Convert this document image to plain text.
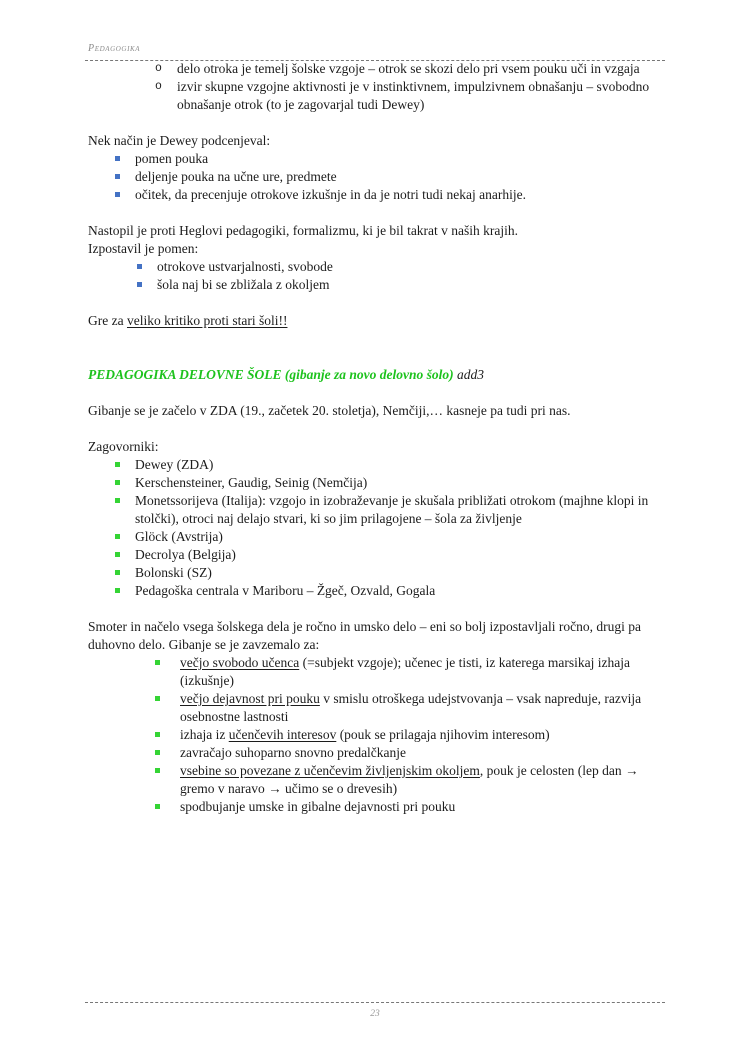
Pedagogika
o	delo otroka je temelj šolske vzgoje – otrok se skozi delo pri vsem pouku uči in vzgaja
o	izvir skupne vzgojne aktivnosti je v instinktivnem, impulzivnem obnašanju – svobodno obnašanje otrok (to je zagovarjal tudi Dewey)

Nek način je Dewey podcenjeval:

pomen pouka
deljenje pouka na učne ure, predmete
očitek, da precenjuje otrokove izkušnje in da je notri tudi nekaj anarhije.

Nastopil je proti Heglovi pedagogiki, formalizmu, ki je bil takrat v naših krajih.

Izpostavil je pomen:

otrokove ustvarjalnosti, svobode
šola naj bi se zbližala z okoljem

Gre za veliko kritiko proti stari šoli!!

PEDAGOGIKA DELOVNE ŠOLE (gibanje za novo delovno šolo) add3

Gibanje se je začelo v ZDA (19., začetek 20. stoletja), Nemčiji,… kasneje pa tudi pri nas.

Zagovorniki:

Dewey (ZDA)
Kerschensteiner, Gaudig, Seinig (Nemčija)
Monetssorijeva (Italija): vzgojo in izobraževanje je skušala približati otrokom (majhne klopi in stolčki), otroci naj delajo stvari, ki so jim prilagojene – šola za življenje
Glöck (Avstrija)
Decrolya (Belgija)
Bolonski (SZ)
Pedagoška centrala v Mariboru – Žgeč, Ozvald, Gogala

Smoter in načelo vsega šolskega dela je ročno in umsko delo – eni so bolj izpostavljali ročno, drugi pa duhovno delo. Gibanje se je zavzemalo za:

večjo svobodo učenca (=subjekt vzgoje); učenec je tisti, iz katerega marsikaj izhaja (izkušnje)
večjo dejavnost pri pouku v smislu otroškega udejstvovanja – vsak napreduje, razvija osebnostne lastnosti
izhaja iz učenčevih interesov (pouk se prilagaja njihovim interesom)
zavračajo suhoparno snovno predalčkanje
vsebine so povezane z učenčevim življenjskim okoljem, pouk je celosten (lep dan → gremo v naravo → učimo se o drevesih)
spodbujanje umske in gibalne dejavnosti pri pouku
23
